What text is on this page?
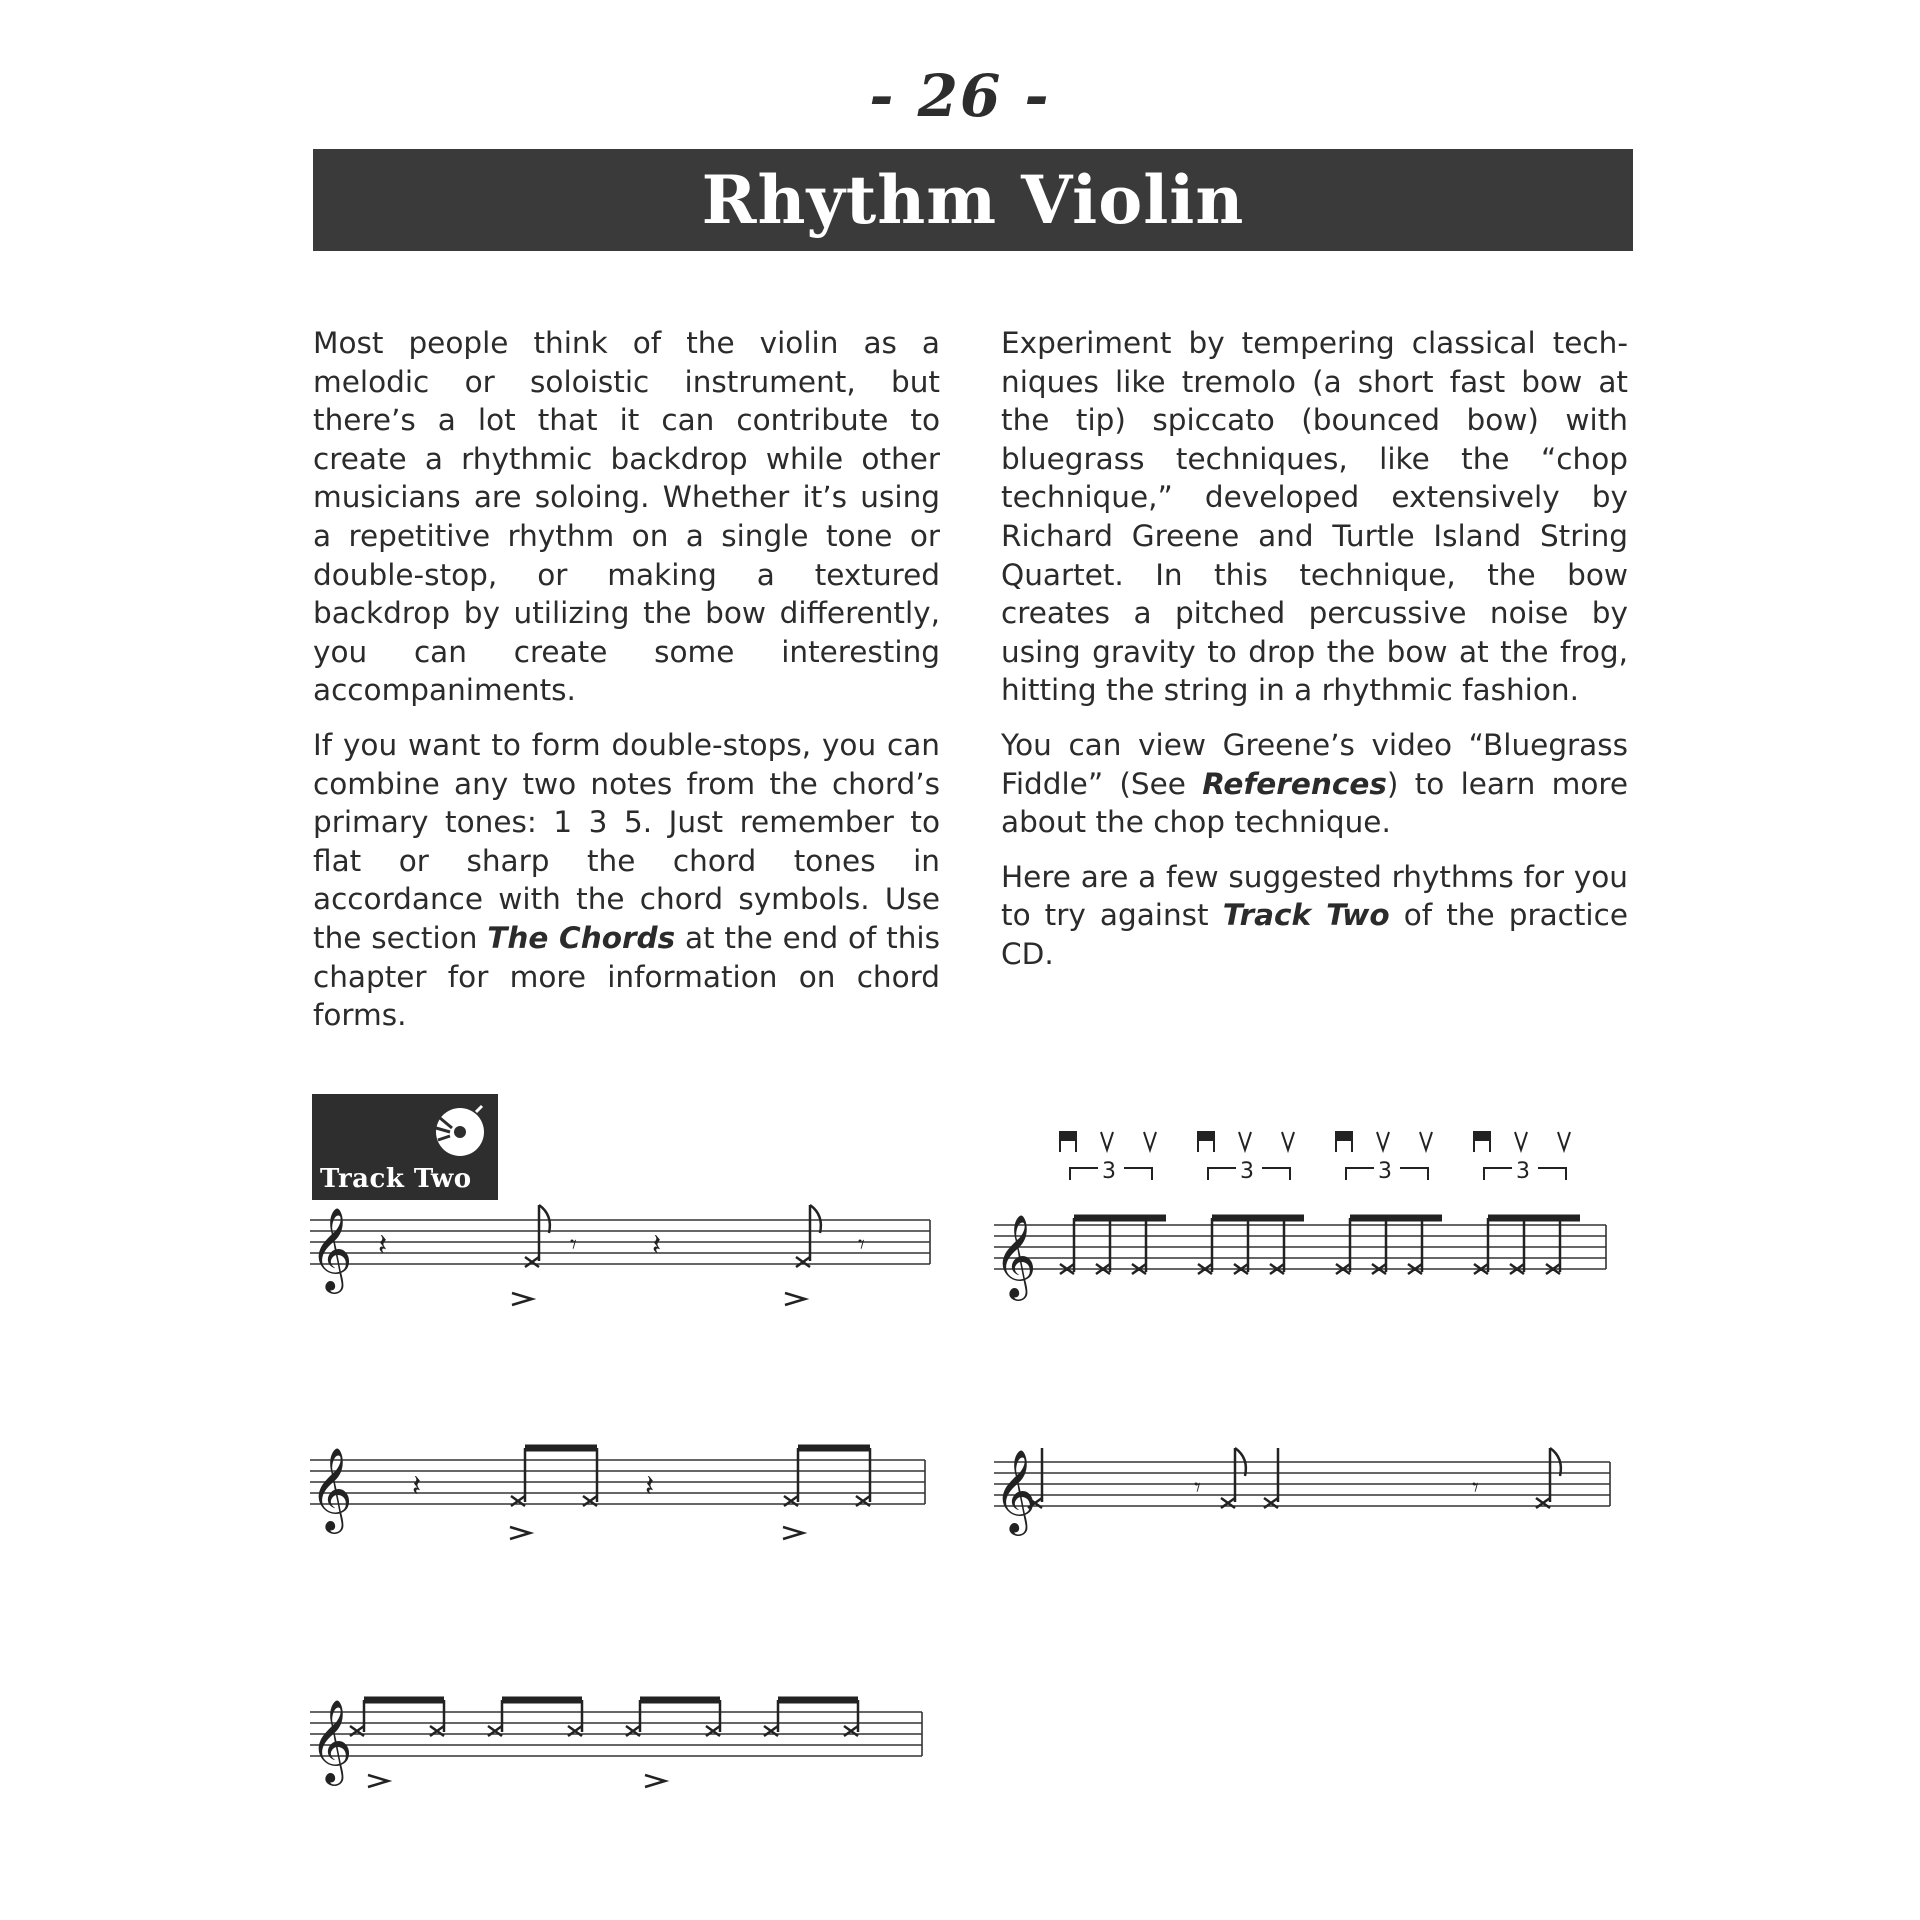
- 26 -
Rhythm Violin

Most people think of the violin as a melodic or soloistic instrument, but there’s a lot that it can contribute to create a rhythmic backdrop while other musicians are soloing. Whether it’s using a repetitive rhythm on a single tone or double-stop, or making a textured backdrop by utilizing the bow differently, you can create some interesting accompaniments.

If you want to form double-stops, you can combine any two notes from the chord’s primary tones: 1 3 5. Just remember to flat or sharp the chord tones in accordance with the chord symbols. Use the section The Chords at the end of this chapter for more information on chord forms.

Experiment by tempering classical techniques like tremolo (a short fast bow at the tip) spiccato (bounced bow) with bluegrass techniques, like the “chop technique,” developed extensively by Richard Greene and Turtle Island String Quartet. In this technique, the bow creates a pitched percussive noise by using gravity to drop the bow at the frog, hitting the string in a rhythmic fashion.

You can view Greene’s video “Bluegrass Fiddle” (See References) to learn more about the chop technique.

Here are a few suggested rhythms for you to try against Track Two of the practice CD.

Track Two
𝄞 𝄽	𝄾	𝄽	𝄾 𝄞
3	3	3	3
𝄞 𝄽	𝄽	𝄞	𝄾	𝄾
𝄞
